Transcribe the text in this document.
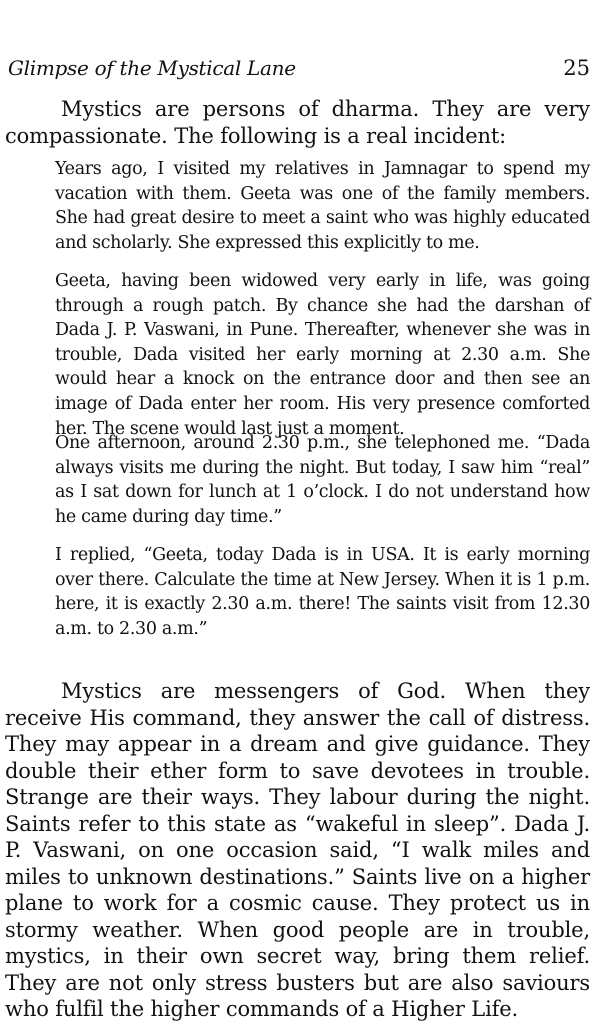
Glimpse of the Mystical Lane	25

Mystics are persons of dharma. They are very compassionate. The following is a real incident:

Years ago, I visited my relatives in Jamnagar to spend my vacation with them. Geeta was one of the family members. She had great desire to meet a saint who was highly educated and scholarly. She expressed this explicitly to me.

Geeta, having been widowed very early in life, was going through a rough patch. By chance she had the darshan of Dada J. P. Vaswani, in Pune. Thereafter, whenever she was in trouble, Dada visited her early morning at 2.30 a.m. She would hear a knock on the entrance door and then see an image of Dada enter her room. His very presence comforted her. The scene would last just a moment.

One afternoon, around 2.30 p.m., she telephoned me. “Dada always visits me during the night. But today, I saw him “real” as I sat down for lunch at 1 o’clock. I do not understand how he came during day time.”

I replied, “Geeta, today Dada is in USA. It is early morning over there. Calculate the time at New Jersey. When it is 1 p.m. here, it is exactly 2.30 a.m. there! The saints visit from 12.30 a.m. to 2.30 a.m.”

Mystics are messengers of God. When they receive His command, they answer the call of distress. They may appear in a dream and give guidance. They double their ether form to save devotees in trouble. Strange are their ways. They labour during the night. Saints refer to this state as “wakeful in sleep”. Dada J. P. Vaswani, on one occasion said, “I walk miles and miles to unknown destinations.” Saints live on a higher plane to work for a cosmic cause. They protect us in stormy weather. When good people are in trouble, mystics, in their own secret way, bring them relief. They are not only stress busters but are also saviours who fulfil the higher commands of a Higher Life.
